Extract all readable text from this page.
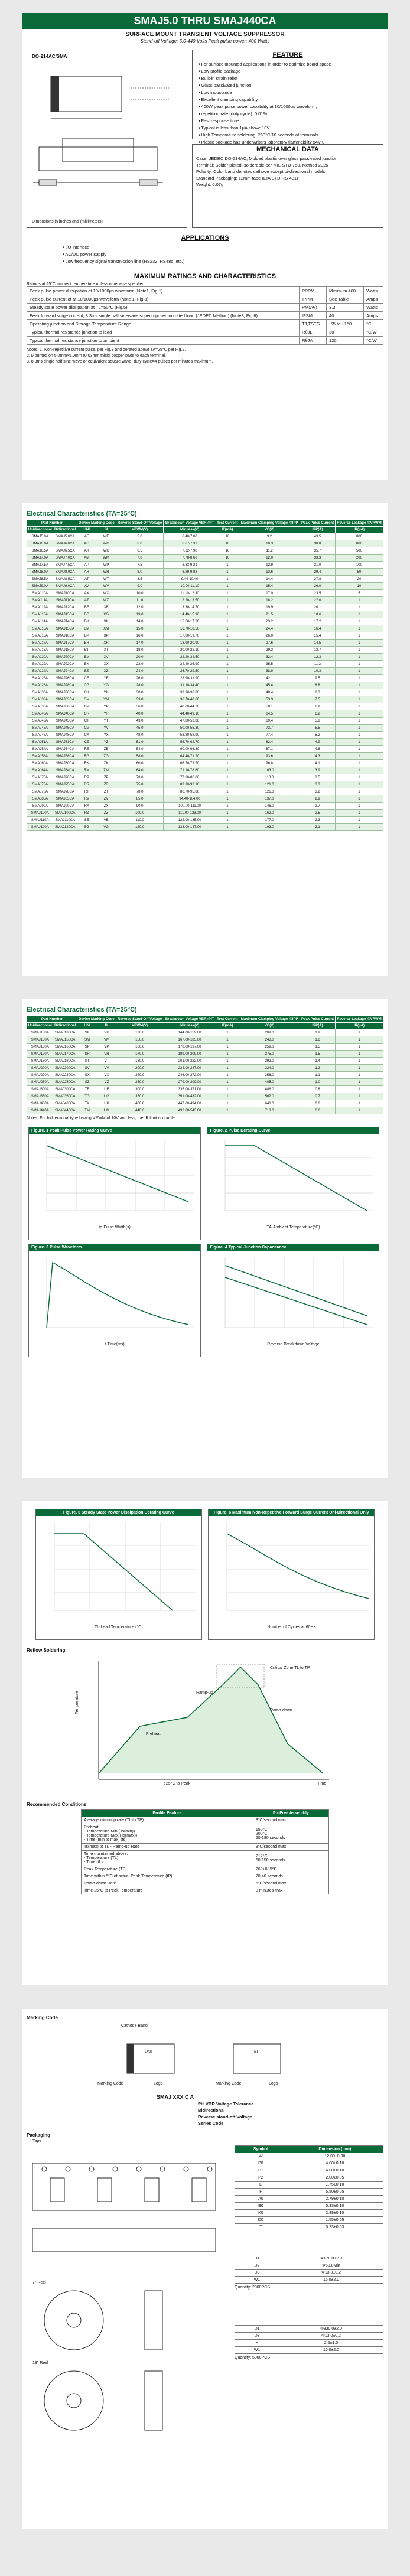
SMAJ5.0 THRU SMAJ440CA
SURFACE MOUNT TRANSIENT VOLTAGE SUPPRESSOR
Stand-off Voltage: 5.0-440 Volts Peak pulse power: 400 Watts
DO-214AC/SMA
Dimensions in inches and (millimeters)
FEATURE
■ For surface mounted applications in order to optimize board space
■ Low profile package
■ Built-in strain relief
■ Glass passivated junction
■ Low inductance
■ Excellent clamping capability
■ 400W peak pulse power capability at 10/1000μs waveform,
■ repetition rate (duty cycle): 0.01%
■ Fast response time
■ Typical is less than 1μA above 10V
■ High Temperature soldering: 260°C/10 seconds at terminals
■ Plastic package has underwriters laboratory flammability 94V-0
MECHANICAL DATA
Case: JEDEC DO-214AC, Molded plastic over glass passivated junction
Terminal: Solder plated, solderable per MIL-STD-750, Method 2026
Polarity: Color band denotes cathode except bi-directional models
Standard Packaging: 12mm tape (EIA STD RS-481)
Weight: 0.07g
APPLICATIONS
■ I/O interface
■ AC/DC power supply
■ Low frequency signal transmission line (RS232, RS485, etc.)
MAXIMUM RATINGS AND CHARACTERISTICS
Ratings at 25°C ambient temperature unless otherwise specified
Peak pulse power dissipation at 10/1000μs waveform (Note1, Fig.1)	PPPM	Minimum 400	Watts
Peak pulse current of at 10/1000μs waveform (Note 1, Fig.3)	IPPM	See Table	Amps
Steady state power dissipation at TL=50°C (Fig.5)	PM(AV)	3.3	Watts
Peak forward surge current, 8.3ms single half sinewave superimposed on rated load (JEDEC Method) (Note3, Fig.6)	IFSM	40	Amps
Operating junction and Storage Temperature Range	TJ,TSTG	-65 to +150	°C
Typical thermal resistance junction to lead	RθJL	30	°C/W
Typical thermal resistance junction to ambient	RθJA	120	°C/W
Notes: 1. Non-repetitive current pulse, per Fig.3 and derated above TA=25°C per Fig.2.
2. Mounted on 5.0mm×5.0mm (0.03mm thick) copper pads to each terminal.
3. 8.3ms single half sine-wave or equivalent square wave, duty cycle=4 pulses per minutes maximum.
Electrical Characteristics (TA=25°C)
Part Number		Device Marking Code		Reverse Stand-Off Voltage	Breakdown Voltage VBR @IT	Test Current	Maximum Clamping Voltage @IPP	Peak Pulse Current	Reverse Leakage @VRWM
Unidirectional	Bidirectional	UNI	BI	VRWM(V)	Min-Max(V)	IT(mA)	VC(V)	IPP(A)	IR(μA)
SMAJ5.0A	SMAJ5.0CA	AE	WE	5.0	6.40-7.00	10	9.2	43.5	800
SMAJ6.0A	SMAJ6.0CA	AG	WG	6.0	6.67-7.37	10	10.3	38.8	800
SMAJ6.5A	SMAJ6.5CA	AK	WK	6.5	7.22-7.98	10	11.2	35.7	500
SMAJ7.0A	SMAJ7.0CA	AM	WM	7.0	7.78-8.60	10	12.0	33.3	200
SMAJ7.5A	SMAJ7.5CA	AP	WP	7.5	8.33-9.21	1	12.9	31.0	100
SMAJ8.0A	SMAJ8.0CA	AR	WR	8.0	8.89-9.83	1	13.6	29.4	50
SMAJ8.5A	SMAJ8.5CA	AT	WT	8.5	9.44-10.40	1	14.4	27.8	20
SMAJ9.0A	SMAJ9.0CA	AV	WV	9.0	10.00-11.10	1	15.4	26.0	10
SMAJ10A	SMAJ10CA	AX	WX	10.0	11.10-12.30	1	17.0	23.5	5
SMAJ11A	SMAJ11CA	AZ	WZ	11.0	12.20-13.50	1	18.2	22.0	1
SMAJ12A	SMAJ12CA	BE	XE	12.0	13.30-14.70	1	19.9	20.1	1
SMAJ13A	SMAJ13CA	BG	XG	13.0	14.40-15.90	1	21.5	18.6	1
SMAJ14A	SMAJ14CA	BK	XK	14.0	15.60-17.20	1	23.2	17.2	1
SMAJ15A	SMAJ15CA	BM	XM	15.0	16.70-18.50	1	24.4	16.4	1
SMAJ16A	SMAJ16CA	BP	XP	16.0	17.80-19.70	1	26.0	15.4	1
SMAJ17A	SMAJ17CA	BR	XR	17.0	18.90-20.90	1	27.6	14.5	1
SMAJ18A	SMAJ18CA	BT	XT	18.0	20.00-22.10	1	29.2	13.7	1
SMAJ20A	SMAJ20CA	BV	XV	20.0	22.20-24.50	1	32.4	12.3	1
SMAJ22A	SMAJ22CA	BX	XX	22.0	24.40-26.90	1	35.5	11.3	1
SMAJ24A	SMAJ24CA	BZ	XZ	24.0	26.70-29.50	1	38.9	10.3	1
SMAJ26A	SMAJ26CA	CE	YE	26.0	28.90-31.90	1	42.1	9.5	1
SMAJ28A	SMAJ28CA	CG	YG	28.0	31.10-34.40	1	45.4	8.8	1
SMAJ30A	SMAJ30CA	CK	YK	30.0	33.30-36.80	1	48.4	8.3	1
SMAJ33A	SMAJ33CA	CM	YM	33.0	36.70-40.60	1	53.3	7.5	1
SMAJ36A	SMAJ36CA	CP	YP	36.0	40.00-44.20	1	58.1	6.9	1
SMAJ40A	SMAJ40CA	CR	YR	40.0	44.40-49.10	1	64.5	6.2	1
SMAJ43A	SMAJ43CA	CT	YT	43.0	47.80-52.80	1	69.4	5.8	1
SMAJ45A	SMAJ45CA	CV	YV	45.0	50.00-55.30	1	72.7	5.5	1
SMAJ48A	SMAJ48CA	CX	YX	48.0	53.30-58.90	1	77.4	5.2	1
SMAJ51A	SMAJ51CA	CZ	YZ	51.0	56.70-62.70	1	82.4	4.9	1
SMAJ54A	SMAJ54CA	RE	ZE	54.0	60.00-66.30	1	87.1	4.6	1
SMAJ58A	SMAJ58CA	RG	ZG	58.0	64.40-71.20	1	93.6	4.3	1
SMAJ60A	SMAJ60CA	RK	ZK	60.0	66.70-73.70	1	96.8	4.1	1
SMAJ64A	SMAJ64CA	RM	ZM	64.0	71.10-78.60	1	103.0	3.9	1
SMAJ70A	SMAJ70CA	RP	ZP	70.0	77.80-86.00	1	113.0	3.5	1
SMAJ75A	SMAJ75CA	RR	ZR	75.0	83.30-92.10	1	121.0	3.3	1
SMAJ78A	SMAJ78CA	RT	ZT	78.0	86.70-95.80	1	126.0	3.2	1
SMAJ85A	SMAJ85CA	RV	ZV	85.0	94.40-104.00	1	137.0	2.9	1
SMAJ90A	SMAJ90CA	RX	ZX	90.0	100.00-111.00	1	146.0	2.7	1
SMAJ100A	SMAJ100CA	RZ	ZZ	100.0	111.00-123.00	1	162.0	2.5	1
SMAJ110A	SMAJ110CA	SE	VE	110.0	122.00-135.00	1	177.0	2.3	1
SMAJ120A	SMAJ120CA	SG	VG	120.0	133.00-147.00	1	193.0	2.1	1
Electrical Characteristics (TA=25°C)
Part Number		Device Marking Code		Reverse Stand-Off Voltage	Breakdown Voltage VBR @IT	Test Current	Maximum Clamping Voltage @IPP	Peak Pulse Current	Reverse Leakage @VRWM
Unidirectional	Bidirectional	UNI	BI	VRWM(V)	Min-Max(V)	IT(mA)	VC(V)	IPP(A)	IR(μA)
SMAJ130A	SMAJ130CA	SK	VK	130.0	144.00-159.00	1	209.0	1.9	1
SMAJ150A	SMAJ150CA	SM	VM	150.0	167.00-185.00	1	243.0	1.6	1
SMAJ160A	SMAJ160CA	SP	VP	160.0	178.00-197.00	1	259.0	1.5	1
SMAJ170A	SMAJ170CA	SR	VR	170.0	189.00-209.00	1	275.0	1.5	1
SMAJ180A	SMAJ180CA	ST	VT	180.0	201.00-222.00	1	292.0	1.4	1
SMAJ200A	SMAJ200CA	SV	VV	200.0	224.00-247.00	1	324.0	1.2	1
SMAJ220A	SMAJ220CA	SX	VX	220.0	246.00-272.00	1	356.0	1.1	1
SMAJ250A	SMAJ250CA	SZ	VZ	250.0	279.00-309.00	1	405.0	1.0	1
SMAJ300A	SMAJ300CA	TE	UE	300.0	335.00-371.00	1	486.0	0.8	1
SMAJ350A	SMAJ350CA	TG	UG	350.0	391.00-432.00	1	567.0	0.7	1
SMAJ400A	SMAJ400CA	TK	UK	400.0	447.00-494.00	1	648.0	0.6	1
SMAJ440A	SMAJ440CA	TM	UM	440.0	492.00-543.00	1	713.0	0.6	1
Notes: For bidirectional type having VRWM of 10V and less, the IR limit is double.
Figure. 1 Peak Pulse Power Rating Curve
tp-Pulse Width(s)

Figure. 2 Pulse Derating Curve
TA-Ambient Temperature(°C)
Figure. 3 Pulse Waveform
t-Time(ms)

Figure. 4 Typical Junction Capacitance
Reverse Breakdown Voltage
Figure. 5 Steady State Power Dissipation Derating Curve
TL-Lead Temperature (°C)

Figure. 6 Maximum Non-Repetitive Forward Surge Current Uni-Directional Only
Number of Cycles at 60Hz
Reflow Soldering
Preheat
Ramp-up
Ramp-down
Critical Zone TL to TP
t 25°C to Peak	Time
Temperature
Recommended Conditions
Profile Feature	Pb-Free Assembly
Average ramp-up rate (TL to TP)	3°C/second max
Preheat
- Temperature Min (Ts(min))
- Temperature Max (Ts(max))
- Time (min to max) (ts)	150°C
200°C
60-180 seconds
Ts(max) to TL - Ramp-up Rate	3°C/second max
Time maintained above:
- Temperature (TL)
- Time (tL)	217°C
60-150 seconds
Peak Temperature (TP)	260+0/-5°C
Time within 5°C of actual Peak Temperature (tP)	20-40 seconds
Ramp-down Rate	6°C/second max
Time 25°C to Peak Temperature	8 minutes max
Marking Code
Cathode Band
UNI	BI
Marking Code	Logo	Marking Code	Logo
SMAJ XXX C A
5% VBR Voltage Tolerance
Bidirectional
Reverse stand-off Voltage
Series Code
Packaging
Tape
7" Reel
13" Reel
Symbol	Dimension (mm)
W	12.00±0.30
P0	4.00±0.10
P1	4.00±0.10
P2	2.00±0.05
E	1.75±0.10
F	5.50±0.05
A0	2.79±0.10
B0	5.33±0.10
K0	2.39±0.10
D0	1.55±0.05
T	0.23±0.03
D1	Φ178.0±2.0
D2	Φ60.0Min
D3	Φ13.0±0.2
W1	16.0±2.0
Quantity: 2000PCS
D1	Φ330.0±2.0
D3	Φ13.0±0.2
H	2.5±1.0
W1	16.0±2.0
Quantity: 5000PCS
